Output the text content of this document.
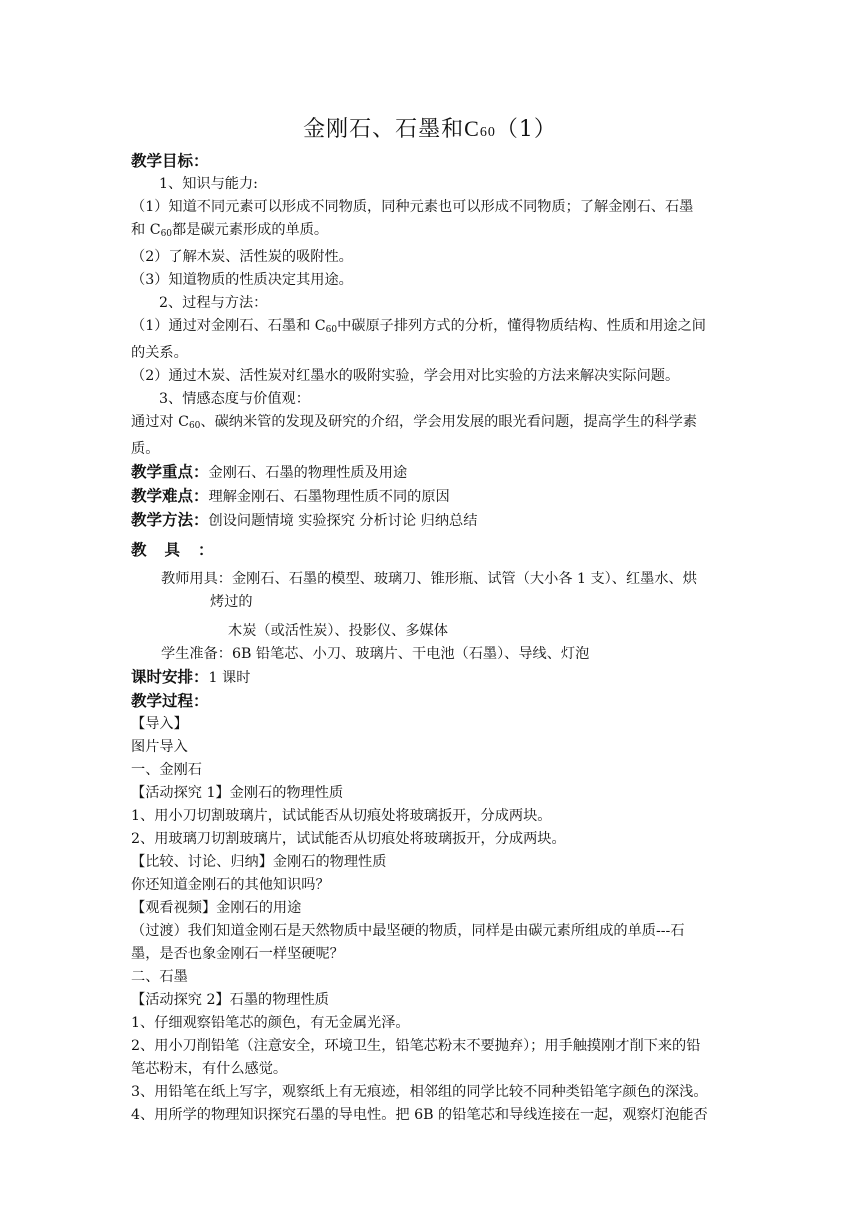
金刚石、石墨和C60（1）
教学目标：
1、知识与能力:
（1）知道不同元素可以形成不同物质，同种元素也可以形成不同物质；了解金刚石、石墨
和 C60都是碳元素形成的单质。
（2）了解木炭、活性炭的吸附性。
（3）知道物质的性质决定其用途。
2、过程与方法：
（1）通过对金刚石、石墨和 C60中碳原子排列方式的分析，懂得物质结构、性质和用途之间
的关系。
（2）通过木炭、活性炭对红墨水的吸附实验，学会用对比实验的方法来解决实际问题。
3、情感态度与价值观：
通过对 C60、碳纳米管的发现及研究的介绍，学会用发展的眼光看问题，提高学生的科学素
质。
教学重点：金刚石、石墨的物理性质及用途
教学难点：理解金刚石、石墨物理性质不同的原因
教学方法：创设问题情境 实验探究 分析讨论 归纳总结
教具：
教师用具：金刚石、石墨的模型、玻璃刀、锥形瓶、试管（大小各 1 支）、红墨水、烘
烤过的
木炭（或活性炭）、投影仪、多媒体
学生准备：6B 铅笔芯、小刀、玻璃片、干电池（石墨）、导线、灯泡
课时安排：1 课时
教学过程：
【导入】
图片导入
一、金刚石
【活动探究 1】金刚石的物理性质
1、用小刀切割玻璃片，试试能否从切痕处将玻璃扳开，分成两块。
2、用玻璃刀切割玻璃片，试试能否从切痕处将玻璃扳开，分成两块。
【比较、讨论、归纳】金刚石的物理性质
你还知道金刚石的其他知识吗？
【观看视频】金刚石的用途
（过渡）我们知道金刚石是天然物质中最坚硬的物质，同样是由碳元素所组成的单质---石
墨，是否也象金刚石一样坚硬呢？
二、石墨
【活动探究 2】石墨的物理性质
1、仔细观察铅笔芯的颜色，有无金属光泽。
2、用小刀削铅笔（注意安全，环境卫生，铅笔芯粉末不要抛弃）；用手触摸刚才削下来的铅
笔芯粉末，有什么感觉。
3、用铅笔在纸上写字，观察纸上有无痕迹，相邻组的同学比较不同种类铅笔字颜色的深浅。
4、用所学的物理知识探究石墨的导电性。把 6B 的铅笔芯和导线连接在一起，观察灯泡能否
